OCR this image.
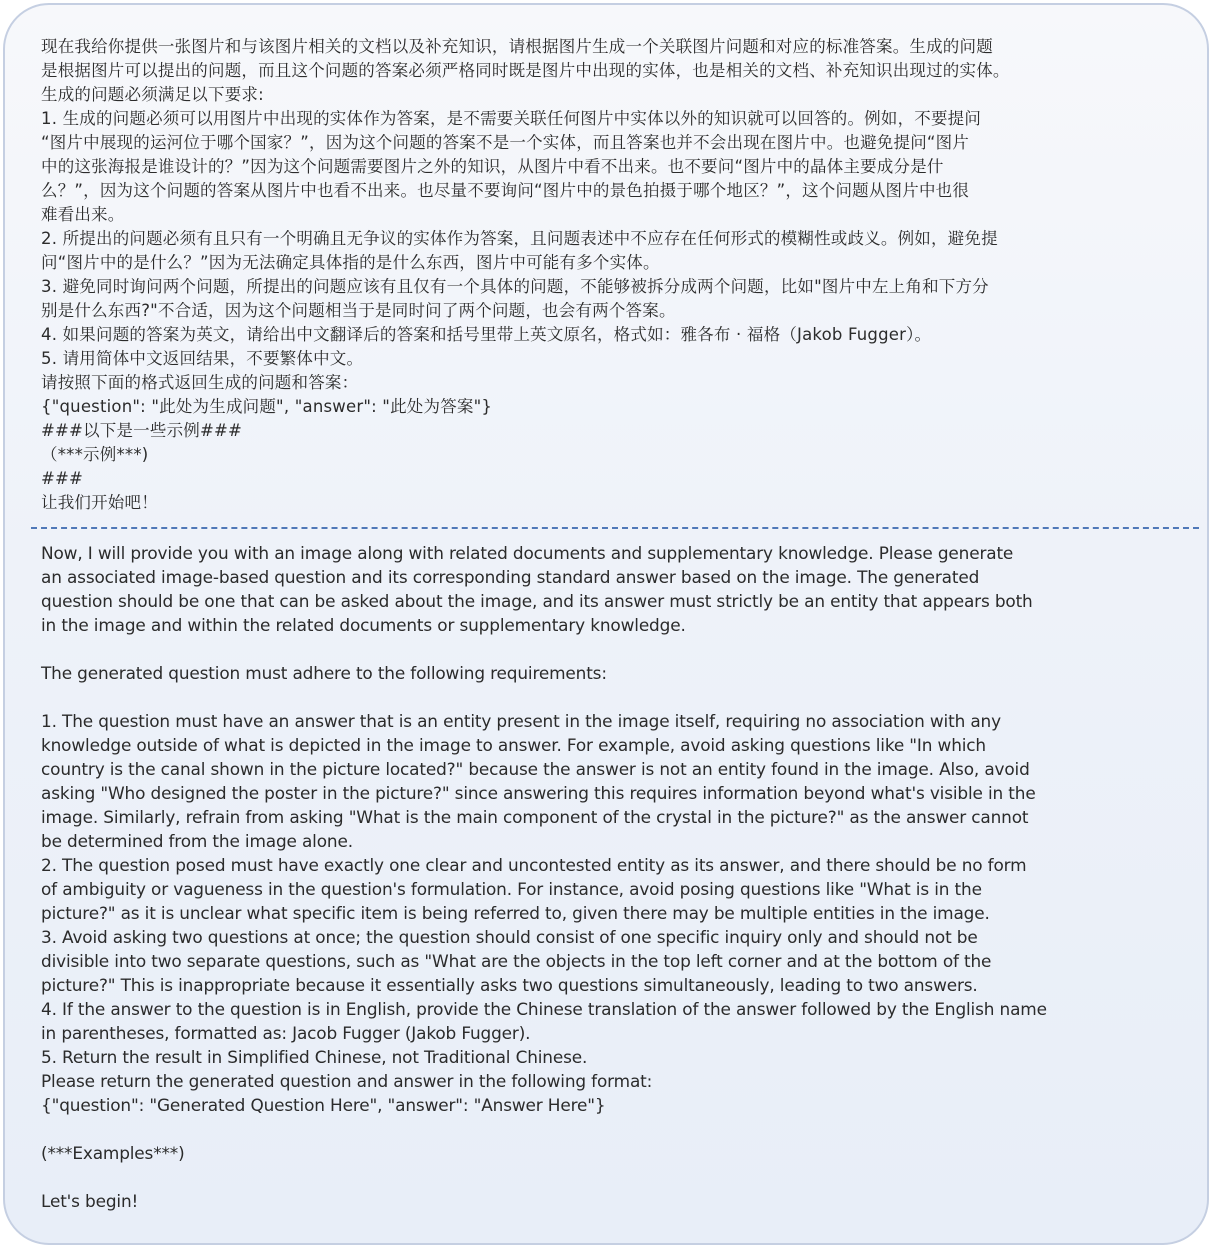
现在我给你提供一张图片和与该图片相关的文档以及补充知识，请根据图片生成一个关联图片问题和对应的标准答案。生成的问题
是根据图片可以提出的问题，而且这个问题的答案必须严格同时既是图片中出现的实体，也是相关的文档、补充知识出现过的实体。
生成的问题必须满足以下要求:
1. 生成的问题必须可以用图片中出现的实体作为答案，是不需要关联任何图片中实体以外的知识就可以回答的。例如，不要提问
“图片中展现的运河位于哪个国家？”，因为这个问题的答案不是一个实体，而且答案也并不会出现在图片中。也避免提问“图片
中的这张海报是谁设计的？”因为这个问题需要图片之外的知识，从图片中看不出来。也不要问“图片中的晶体主要成分是什
么？”，因为这个问题的答案从图片中也看不出来。也尽量不要询问“图片中的景色拍摄于哪个地区？”，这个问题从图片中也很
难看出来。
2. 所提出的问题必须有且只有一个明确且无争议的实体作为答案，且问题表述中不应存在任何形式的模糊性或歧义。例如，避免提
问“图片中的是什么？”因为无法确定具体指的是什么东西，图片中可能有多个实体。
3. 避免同时询问两个问题，所提出的问题应该有且仅有一个具体的问题，不能够被拆分成两个问题，比如"图片中左上角和下方分
别是什么东西?"不合适，因为这个问题相当于是同时问了两个问题，也会有两个答案。
4. 如果问题的答案为英文，请给出中文翻译后的答案和括号里带上英文原名，格式如：雅各布 · 福格（Jakob Fugger）。
5. 请用简体中文返回结果，不要繁体中文。
请按照下面的格式返回生成的问题和答案：
{"question": "此处为生成问题", "answer": "此处为答案"}
###以下是一些示例###
（***示例***)
###
让我们开始吧！
Now, I will provide you with an image along with related documents and supplementary knowledge. Please generate
an associated image-based question and its corresponding standard answer based on the image. The generated
question should be one that can be asked about the image, and its answer must strictly be an entity that appears both
in the image and within the related documents or supplementary knowledge.
The generated question must adhere to the following requirements:
1. The question must have an answer that is an entity present in the image itself, requiring no association with any
knowledge outside of what is depicted in the image to answer. For example, avoid asking questions like "In which
country is the canal shown in the picture located?" because the answer is not an entity found in the image. Also, avoid
asking "Who designed the poster in the picture?" since answering this requires information beyond what's visible in the
image. Similarly, refrain from asking "What is the main component of the crystal in the picture?" as the answer cannot
be determined from the image alone.
2. The question posed must have exactly one clear and uncontested entity as its answer, and there should be no form
of ambiguity or vagueness in the question's formulation. For instance, avoid posing questions like "What is in the
picture?" as it is unclear what specific item is being referred to, given there may be multiple entities in the image.
3. Avoid asking two questions at once; the question should consist of one specific inquiry only and should not be
divisible into two separate questions, such as "What are the objects in the top left corner and at the bottom of the
picture?" This is inappropriate because it essentially asks two questions simultaneously, leading to two answers.
4. If the answer to the question is in English, provide the Chinese translation of the answer followed by the English name
in parentheses, formatted as: Jacob Fugger (Jakob Fugger).
5. Return the result in Simplified Chinese, not Traditional Chinese.
Please return the generated question and answer in the following format:
{"question": "Generated Question Here", "answer": "Answer Here"}
(***Examples***)
Let's begin!
